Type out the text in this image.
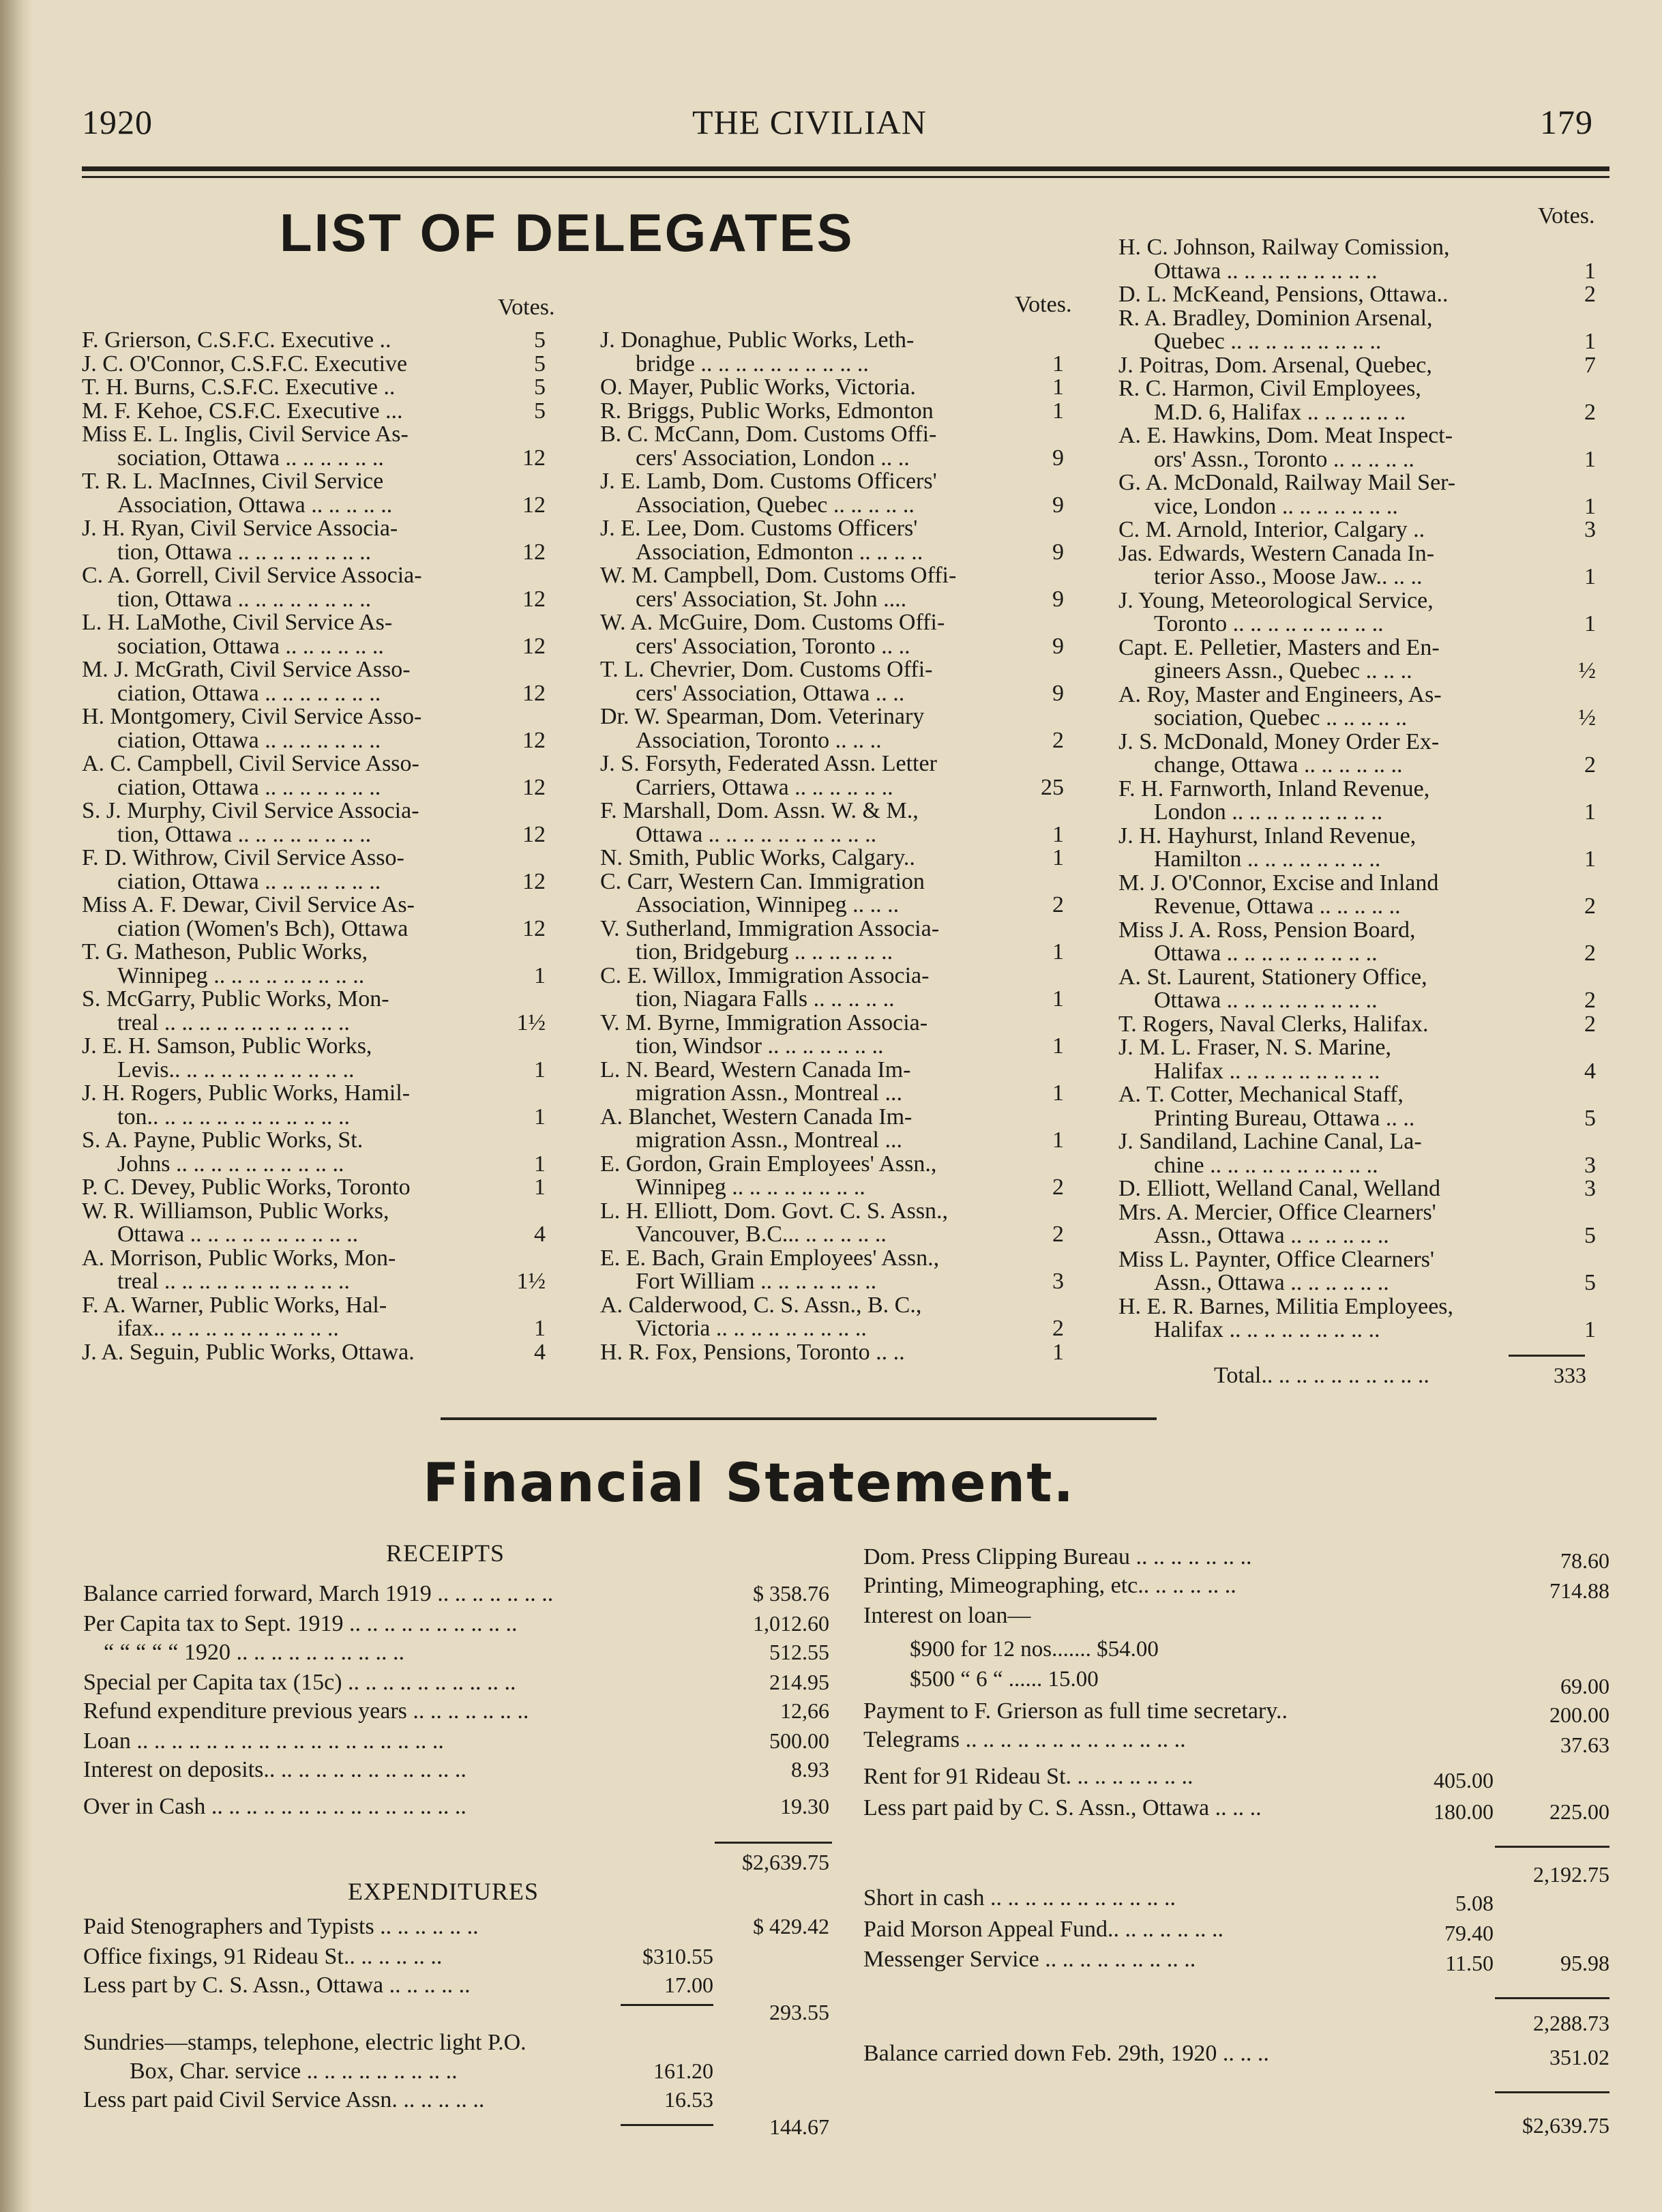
1920	THE CIVILIAN	179
LIST OF DELEGATES
Votes.	Votes.
Votes.
F. Grierson, C.S.F.C. Executive ..	5
J. C. O'Connor, C.S.F.C. Executive	5
T. H. Burns, C.S.F.C. Executive ..	5
M. F. Kehoe, CS.F.C. Executive ...	5
Miss E. L. Inglis, Civil Service As-
sociation, Ottawa .. .. .. .. .. ..	12
T. R. L. MacInnes, Civil Service
Association, Ottawa .. .. .. .. ..	12
J. H. Ryan, Civil Service Associa-
tion, Ottawa .. .. .. .. .. .. .. ..	12
C. A. Gorrell, Civil Service Associa-
tion, Ottawa .. .. .. .. .. .. .. ..	12
L. H. LaMothe, Civil Service As-
sociation, Ottawa .. .. .. .. .. ..	12
M. J. McGrath, Civil Service Asso-
ciation, Ottawa .. .. .. .. .. .. ..	12
H. Montgomery, Civil Service Asso-
ciation, Ottawa .. .. .. .. .. .. ..	12
A. C. Campbell, Civil Service Asso-
ciation, Ottawa .. .. .. .. .. .. ..	12
S. J. Murphy, Civil Service Associa-
tion, Ottawa .. .. .. .. .. .. .. ..	12
F. D. Withrow, Civil Service Asso-
ciation, Ottawa .. .. .. .. .. .. ..	12
Miss A. F. Dewar, Civil Service As-
ciation (Women's Bch), Ottawa	12
T. G. Matheson, Public Works,
Winnipeg .. .. .. .. .. .. .. .. ..	1
S. McGarry, Public Works, Mon-
treal .. .. .. .. .. .. .. .. .. .. ..	1½
J. E. H. Samson, Public Works,
Levis.. .. .. .. .. .. .. .. .. .. ..	1
J. H. Rogers, Public Works, Hamil-
ton.. .. .. .. .. .. .. .. .. .. .. ..	1
S. A. Payne, Public Works, St.
Johns .. .. .. .. .. .. .. .. .. ..	1
P. C. Devey, Public Works, Toronto	1
W. R. Williamson, Public Works,
Ottawa .. .. .. .. .. .. .. .. .. ..	4
A. Morrison, Public Works, Mon-
treal .. .. .. .. .. .. .. .. .. .. ..	1½
F. A. Warner, Public Works, Hal-
ifax.. .. .. .. .. .. .. .. .. .. ..	1
J. A. Seguin, Public Works, Ottawa.	4
J. Donaghue, Public Works, Leth-
bridge .. .. .. .. .. .. .. .. .. ..	1
O. Mayer, Public Works, Victoria.	1
R. Briggs, Public Works, Edmonton	1
B. C. McCann, Dom. Customs Offi-
cers' Association, London .. ..	9
J. E. Lamb, Dom. Customs Officers'
Association, Quebec .. .. .. .. ..	9
J. E. Lee, Dom. Customs Officers'
Association, Edmonton .. .. .. ..	9
W. M. Campbell, Dom. Customs Offi-
cers' Association, St. John ....	9
W. A. McGuire, Dom. Customs Offi-
cers' Association, Toronto .. ..	9
T. L. Chevrier, Dom. Customs Offi-
cers' Association, Ottawa .. ..	9
Dr. W. Spearman, Dom. Veterinary
Association, Toronto .. .. ..	2
J. S. Forsyth, Federated Assn. Letter
Carriers, Ottawa .. .. .. .. .. ..	25
F. Marshall, Dom. Assn. W. & M.,
Ottawa .. .. .. .. .. .. .. .. .. ..	1
N. Smith, Public Works, Calgary..	1
C. Carr, Western Can. Immigration
Association, Winnipeg .. .. ..	2
V. Sutherland, Immigration Associa-
tion, Bridgeburg .. .. .. .. .. ..	1
C. E. Willox, Immigration Associa-
tion, Niagara Falls .. .. .. .. ..	1
V. M. Byrne, Immigration Associa-
tion, Windsor .. .. .. .. .. .. ..	1
L. N. Beard, Western Canada Im-
migration Assn., Montreal ...	1
A. Blanchet, Western Canada Im-
migration Assn., Montreal ...	1
E. Gordon, Grain Employees' Assn.,
Winnipeg .. .. .. .. .. .. .. ..	2
L. H. Elliott, Dom. Govt. C. S. Assn.,
Vancouver, B.C... .. .. .. .. ..	2
E. E. Bach, Grain Employees' Assn.,
Fort William .. .. .. .. .. .. ..	3
A. Calderwood, C. S. Assn., B. C.,
Victoria .. .. .. .. .. .. .. .. ..	2
H. R. Fox, Pensions, Toronto .. ..	1
H. C. Johnson, Railway Comission,
Ottawa .. .. .. .. .. .. .. .. ..	1
D. L. McKeand, Pensions, Ottawa..	2
R. A. Bradley, Dominion Arsenal,
Quebec .. .. .. .. .. .. .. .. ..	1
J. Poitras, Dom. Arsenal, Quebec,	7
R. C. Harmon, Civil Employees,
M.D. 6, Halifax .. .. .. .. .. ..	2
A. E. Hawkins, Dom. Meat Inspect-
ors' Assn., Toronto .. .. .. .. ..	1
G. A. McDonald, Railway Mail Ser-
vice, London .. .. .. .. .. .. ..	1
C. M. Arnold, Interior, Calgary ..	3
Jas. Edwards, Western Canada In-
terior Asso., Moose Jaw.. .. ..	1
J. Young, Meteorological Service,
Toronto .. .. .. .. .. .. .. .. ..	1
Capt. E. Pelletier, Masters and En-
gineers Assn., Quebec .. .. ..	½
A. Roy, Master and Engineers, As-
sociation, Quebec .. .. .. .. ..	½
J. S. McDonald, Money Order Ex-
change, Ottawa .. .. .. .. .. ..	2
F. H. Farnworth, Inland Revenue,
London .. .. .. .. .. .. .. .. ..	1
J. H. Hayhurst, Inland Revenue,
Hamilton .. .. .. .. .. .. .. ..	1
M. J. O'Connor, Excise and Inland
Revenue, Ottawa .. .. .. .. ..	2
Miss J. A. Ross, Pension Board,
Ottawa .. .. .. .. .. .. .. .. ..	2
A. St. Laurent, Stationery Office,
Ottawa .. .. .. .. .. .. .. .. ..	2
T. Rogers, Naval Clerks, Halifax.	2
J. M. L. Fraser, N. S. Marine,
Halifax .. .. .. .. .. .. .. .. ..	4
A. T. Cotter, Mechanical Staff,
Printing Bureau, Ottawa .. ..	5
J. Sandiland, Lachine Canal, La-
chine .. .. .. .. .. .. .. .. .. ..	3
D. Elliott, Welland Canal, Welland	3
Mrs. A. Mercier, Office Clearners'
Assn., Ottawa .. .. .. .. .. ..	5
Miss L. Paynter, Office Clearners'
Assn., Ottawa .. .. .. .. .. ..	5
H. E. R. Barnes, Militia Employees,
Halifax .. .. .. .. .. .. .. .. ..	1
Total.. .. .. .. .. .. .. .. .. ..	333
Financial Statement.
RECEIPTS
Balance carried forward, March 1919 .. .. .. .. .. .. ..	$ 358.76
Per Capita tax to Sept. 1919 .. .. .. .. .. .. .. .. .. ..	1,012.60
“ “ “ “ “ 1920 .. .. .. .. .. .. .. .. .. ..	512.55
Special per Capita tax (15c) .. .. .. .. .. .. .. .. .. ..	214.95
Refund expenditure previous years .. .. .. .. .. .. ..	12,66
Loan .. .. .. .. .. .. .. .. .. .. .. .. .. .. .. .. .. ..	500.00
Interest on deposits.. .. .. .. .. .. .. .. .. .. .. ..	8.93
Over in Cash .. .. .. .. .. .. .. .. .. .. .. .. .. .. ..	19.30
$2,639.75
EXPENDITURES
Paid Stenographers and Typists .. .. .. .. .. ..	$ 429.42
Office fixings, 91 Rideau St.. .. .. .. .. ..	$310.55
Less part by C. S. Assn., Ottawa .. .. .. .. ..	17.00
293.55
Sundries—stamps, telephone, electric light P.O.
Box, Char. service .. .. .. .. .. .. .. .. ..	161.20
Less part paid Civil Service Assn. .. .. .. .. ..	16.53
144.67
Dom. Press Clipping Bureau .. .. .. .. .. .. ..	78.60
Printing, Mimeographing, etc.. .. .. .. .. ..	714.88
Interest on loan—
$900 for 12 nos....... $54.00
$500 “ 6 “ ...... 15.00	69.00
Payment to F. Grierson as full time secretary..	200.00
Telegrams .. .. .. .. .. .. .. .. .. .. .. .. ..	37.63
Rent for 91 Rideau St. .. .. .. .. .. .. ..	405.00
Less part paid by C. S. Assn., Ottawa .. .. ..	180.00	225.00
2,192.75
Short in cash .. .. .. .. .. .. .. .. .. .. ..	5.08
Paid Morson Appeal Fund.. .. .. .. .. .. ..	79.40
Messenger Service .. .. .. .. .. .. .. .. ..	11.50	95.98
2,288.73
Balance carried down Feb. 29th, 1920 .. .. ..	351.02
$2,639.75
